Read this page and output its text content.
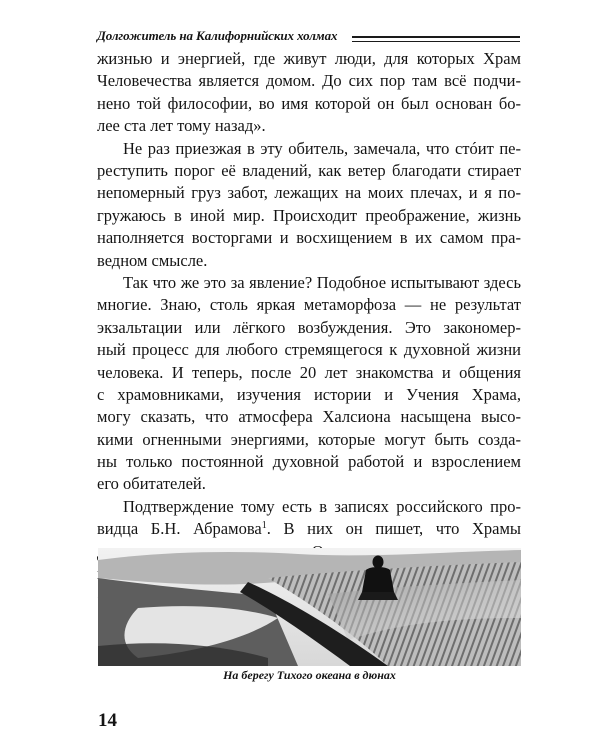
Долгожитель на Калифорнийских холмах
жизнью и энергией, где живут люди, для которых Храм
Человечества является домом. До сих пор там всё подчи-
нено той философии, во имя которой он был основан бо-
лее ста лет тому назад».
Не раз приезжая в эту обитель, замечала, что стóит пе-
реступить порог её владений, как ветер благодати стирает
непомерный груз забот, лежащих на моих плечах, и я по-
гружаюсь в иной мир. Происходит преображение, жизнь
наполняется восторгами и восхищением в их самом пра-
ведном смысле.
Так что же это за явление? Подобное испытывают здесь
многие. Знаю, столь яркая метаморфоза — не результат
экзальтации или лёгкого возбуждения. Это закономер-
ный процесс для любого стремящегося к духовной жизни
человека. И теперь, после 20 лет знакомства и общения
с храмовниками, изучения истории и Учения Храма,
могу сказать, что атмосфера Халсиона насыщена высо-
кими огненными энергиями, которые могут быть созда-
ны только постоянной духовной работой и взрослением
его обитателей.
Подтверждение тому есть в записях российского про-
видца Б.Н. Абрамова$^1$. В них он пишет, что Храмы
На берегу Тихого океана в дюнах
14
